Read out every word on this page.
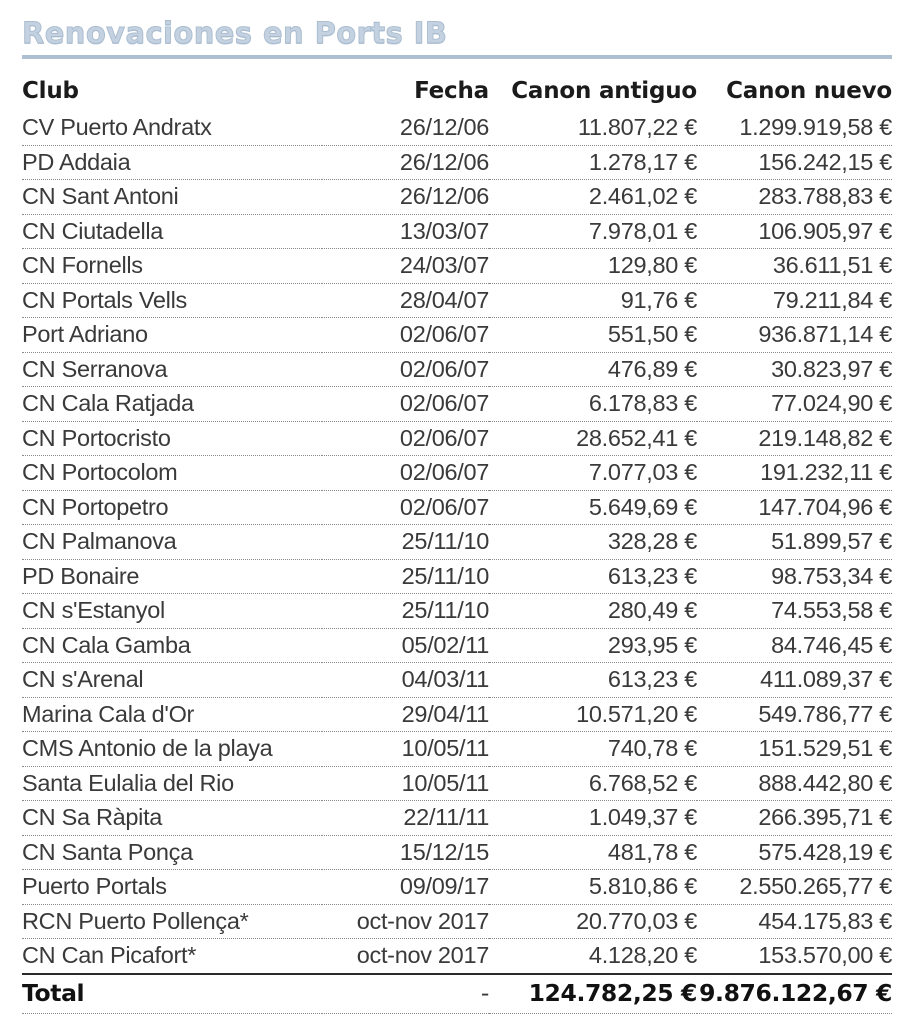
Renovaciones en Ports IB
Club	Fecha	Canon antiguo	Canon nuevo
CV Puerto Andratx	26/12/06	11.807,22 €	1.299.919,58 €
PD Addaia	26/12/06	1.278,17 €	156.242,15 €
CN Sant Antoni	26/12/06	2.461,02 €	283.788,83 €
CN Ciutadella	13/03/07	7.978,01 €	106.905,97 €
CN Fornells	24/03/07	129,80 €	36.611,51 €
CN Portals Vells	28/04/07	91,76 €	79.211,84 €
Port Adriano	02/06/07	551,50 €	936.871,14 €
CN Serranova	02/06/07	476,89 €	30.823,97 €
CN Cala Ratjada	02/06/07	6.178,83 €	77.024,90 €
CN Portocristo	02/06/07	28.652,41 €	219.148,82 €
CN Portocolom	02/06/07	7.077,03 €	191.232,11 €
CN Portopetro	02/06/07	5.649,69 €	147.704,96 €
CN Palmanova	25/11/10	328,28 €	51.899,57 €
PD Bonaire	25/11/10	613,23 €	98.753,34 €
CN s'Estanyol	25/11/10	280,49 €	74.553,58 €
CN Cala Gamba	05/02/11	293,95 €	84.746,45 €
CN s'Arenal	04/03/11	613,23 €	411.089,37 €
Marina Cala d'Or	29/04/11	10.571,20 €	549.786,77 €
CMS Antonio de la playa	10/05/11	740,78 €	151.529,51 €
Santa Eulalia del Rio	10/05/11	6.768,52 €	888.442,80 €
CN Sa Ràpita	22/11/11	1.049,37 €	266.395,71 €
CN Santa Ponça	15/12/15	481,78 €	575.428,19 €
Puerto Portals	09/09/17	5.810,86 €	2.550.265,77 €
RCN Puerto Pollença*	oct-nov 2017	20.770,03 €	454.175,83 €
CN Can Picafort*	oct-nov 2017	4.128,20 €	153.570,00 €
Total	-	124.782,25 €	9.876.122,67 €
